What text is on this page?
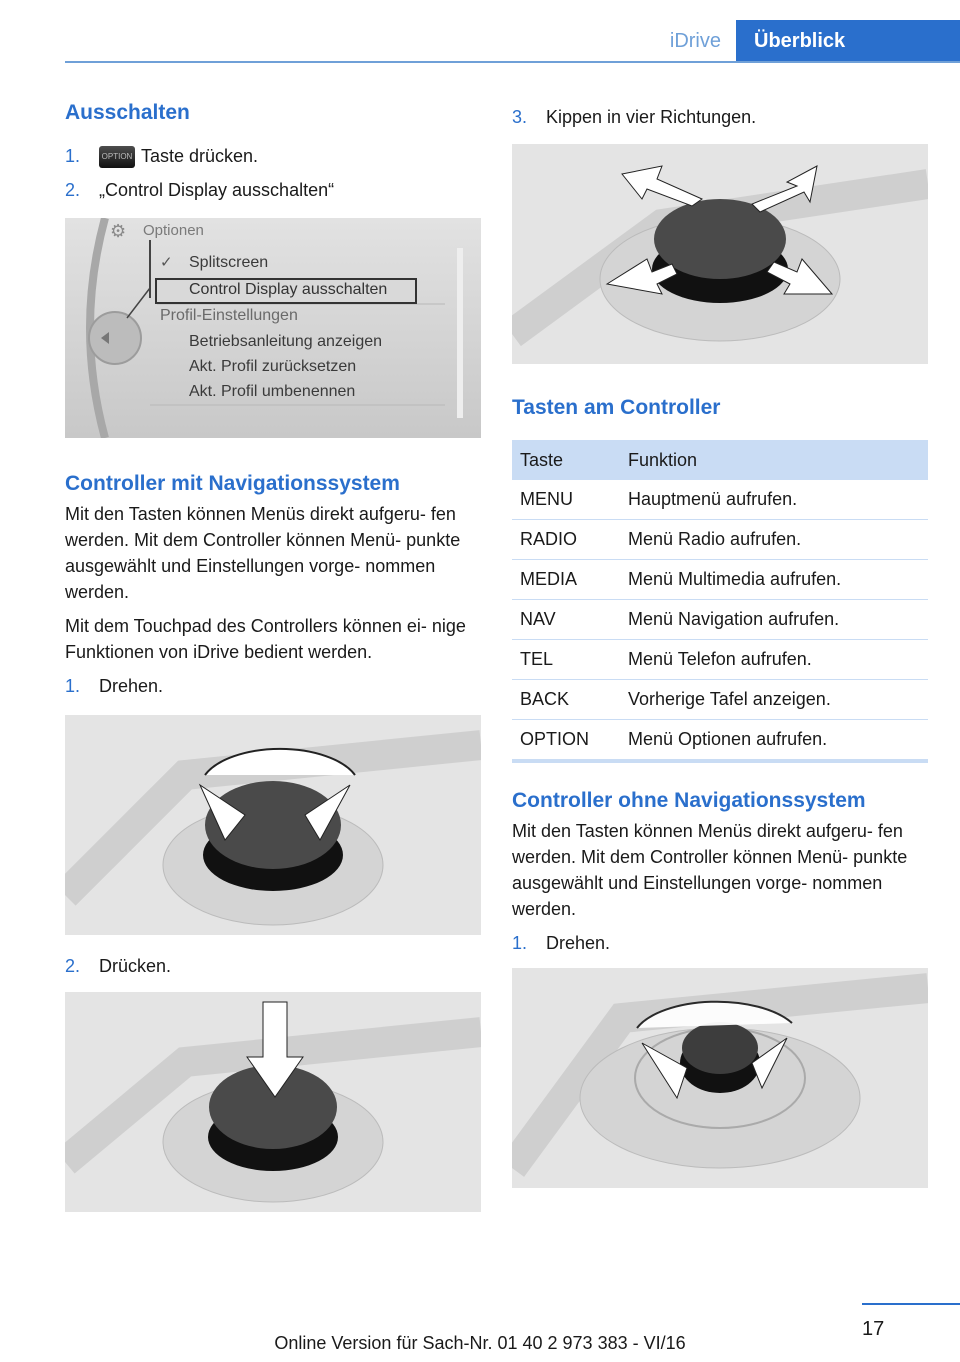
iDrive	Überblick
Ausschalten
1.	OPTION Taste drücken.
2.	„Control Display ausschalten“
⚙ Optionen
✓ Splitscreen
Control Display ausschalten
Profil-Einstellungen
Betriebsanleitung anzeigen
Akt. Profil zurücksetzen
Akt. Profil umbenennen
Controller mit Navigationssystem

Mit den Tasten können Menüs direkt aufgeru‐ fen werden. Mit dem Controller können Menü‐ punkte ausgewählt und Einstellungen vorge‐ nommen werden.

Mit dem Touchpad des Controllers können ei‐ nige Funktionen von iDrive bedient werden.

1.	Drehen.
2.	Drücken.
3.	Kippen in vier Richtungen.
Tasten am Controller
Taste	Funktion
MENU	Hauptmenü aufrufen.
RADIO	Menü Radio aufrufen.
MEDIA	Menü Multimedia aufrufen.
NAV	Menü Navigation aufrufen.
TEL	Menü Telefon aufrufen.
BACK	Vorherige Tafel anzeigen.
OPTION	Menü Optionen aufrufen.
Controller ohne Navigationssystem

Mit den Tasten können Menüs direkt aufgeru‐ fen werden. Mit dem Controller können Menü‐ punkte ausgewählt und Einstellungen vorge‐ nommen werden.

1.	Drehen.
17
Online Version für Sach-Nr. 01 40 2 973 383 - VI/16
